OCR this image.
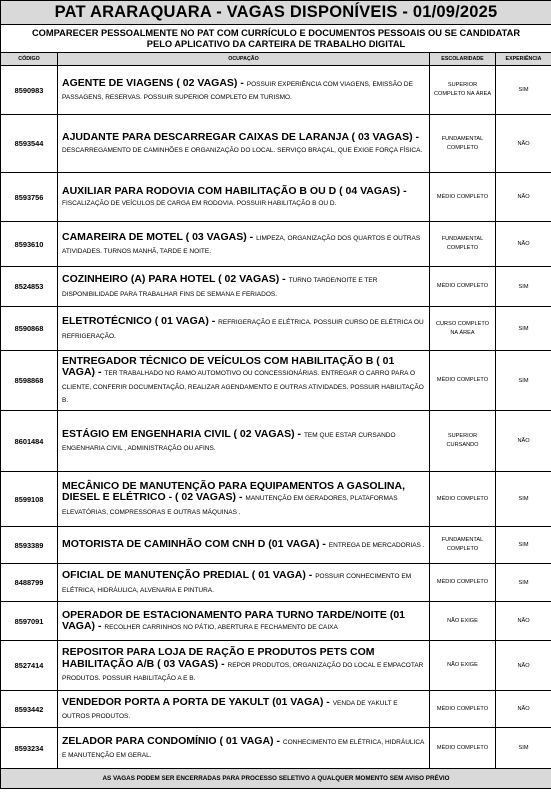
PAT ARARAQUARA - VAGAS DISPONÍVEIS - 01/09/2025			

COMPARECER PESSOALMENTE NO PAT COM CURRÍCULO E DOCUMENTOS PESSOAIS OU SE CANDIDATAR
PELO APLICATIVO DA CARTEIRA DE TRABALHO DIGITAL			

CÓDIGO	OCUPAÇÃO	ESCOLARIDADE	EXPERIÊNCIA
8590983	AGENTE DE VIAGENS ( 02 VAGAS) - POSSUIR EXPERIÊNCIA COM VIAGENS, EMISSÃO DE PASSAGENS, RESERVAS. POSSUIR SUPERIOR COMPLETO EM TURISMO.	SUPERIOR COMPLETO NA ÁREA	SIM
8593544	AJUDANTE PARA DESCARREGAR CAIXAS DE LARANJA ( 03 VAGAS) - DESCARREGAMENTO DE CAMINHÕES E ORGANIZAÇÃO DO LOCAL. SERVIÇO BRAÇAL, QUE EXIGE FORÇA FÍSICA.	FUNDAMENTAL COMPLETO	NÃO
8593756	AUXILIAR PARA RODOVIA COM HABILITAÇÃO B OU D ( 04 VAGAS) - FISCALIZAÇÃO DE VEÍCULOS DE CARGA EM RODOVIA. POSSUIR HABILITAÇÃO B OU D.	MÉDIO COMPLETO	NÃO
8593610	CAMAREIRA DE MOTEL ( 03 VAGAS) - LIMPEZA, ORGANIZAÇÃO DOS QUARTOS E OUTRAS ATIVIDADES. TURNOS MANHÃ, TARDE E NOITE.	FUNDAMENTAL COMPLETO	NÃO
8524853	COZINHEIRO (A) PARA HOTEL ( 02 VAGAS) - TURNO TARDE/NOITE E TER DISPONIBILIDADE PARA TRABALHAR FINS DE SEMANA E FERIADOS.	MÉDIO COMPLETO	SIM
8590868	ELETROTÉCNICO ( 01 VAGA) - REFRIGERAÇÃO E ELÉTRICA. POSSUIR CURSO DE ELÉTRICA OU REFRIGERAÇÃO.	CURSO COMPLETO NA ÁREA	SIM
8598868	ENTREGADOR TÉCNICO DE VEÍCULOS COM HABILITAÇÃO B ( 01 VAGA) - TER TRABALHADO NO RAMO AUTOMOTIVO OU CONCESSIONÁRIAS. ENTREGAR O CARRO PARA O CLIENTE, CONFERIR DOCUMENTAÇÃO, REALIZAR AGENDAMENTO E OUTRAS ATIVIDADES. POSSUIR HABILITAÇÃO B.	MÉDIO COMPLETO	SIM
8601484	ESTÁGIO EM ENGENHARIA CIVIL ( 02 VAGAS) - TEM QUE ESTAR CURSANDO ENGENHARIA CIVIL , ADMINISTRAÇÃO OU AFINS.	SUPERIOR CURSANDO	NÃO
8599108	MECÂNICO DE MANUTENÇÃO PARA EQUIPAMENTOS A GASOLINA, DIESEL E ELÉTRICO - ( 02 VAGAS) - MANUTENÇÃO EM GERADORES, PLATAFORMAS ELEVATÓRIAS, COMPRESSORAS E OUTRAS MÁQUINAS .	MÉDIO COMPLETO	SIM
8593389	MOTORISTA DE CAMINHÃO COM CNH D (01 VAGA) - ENTREGA DE MERCADORIAS .	FUNDAMENTAL COMPLETO	SIM
8488799	OFICIAL DE MANUTENÇÃO PREDIAL ( 01 VAGA) - POSSUIR CONHECIMENTO EM ELÉTRICA, HIDRÁULICA, ALVENARIA E PINTURA.	MÉDIO COMPLETO	SIM
8597091	OPERADOR DE ESTACIONAMENTO PARA TURNO TARDE/NOITE (01 VAGA) - RECOLHER CARRINHOS NO PÁTIO, ABERTURA E FECHAMENTO DE CAIXA	NÃO EXIGE	NÃO
8527414	REPOSITOR PARA LOJA DE RAÇÃO E PRODUTOS PETS COM HABILITAÇÃO A/B ( 03 VAGAS) - REPOR PRODUTOS, ORGANIZAÇÃO DO LOCAL E EMPACOTAR PRODUTOS. POSSUIR HABILITAÇÃO A E B.	NÃO EXIGE	NÃO
8593442	VENDEDOR PORTA A PORTA DE YAKULT (01 VAGA) - VENDA DE YAKULT E OUTROS PRODUTOS.	MÉDIO COMPLETO	NÃO
8593234	ZELADOR PARA CONDOMÍNIO ( 01 VAGA) - CONHECIMENTO EM ELÉTRICA, HIDRÁULICA E MANUTENÇÃO EM GERAL.	MÉDIO COMPLETO	SIM
AS VAGAS PODEM SER ENCERRADAS PARA PROCESSO SELETIVO A QUALQUER MOMENTO SEM AVISO PRÉVIO			
